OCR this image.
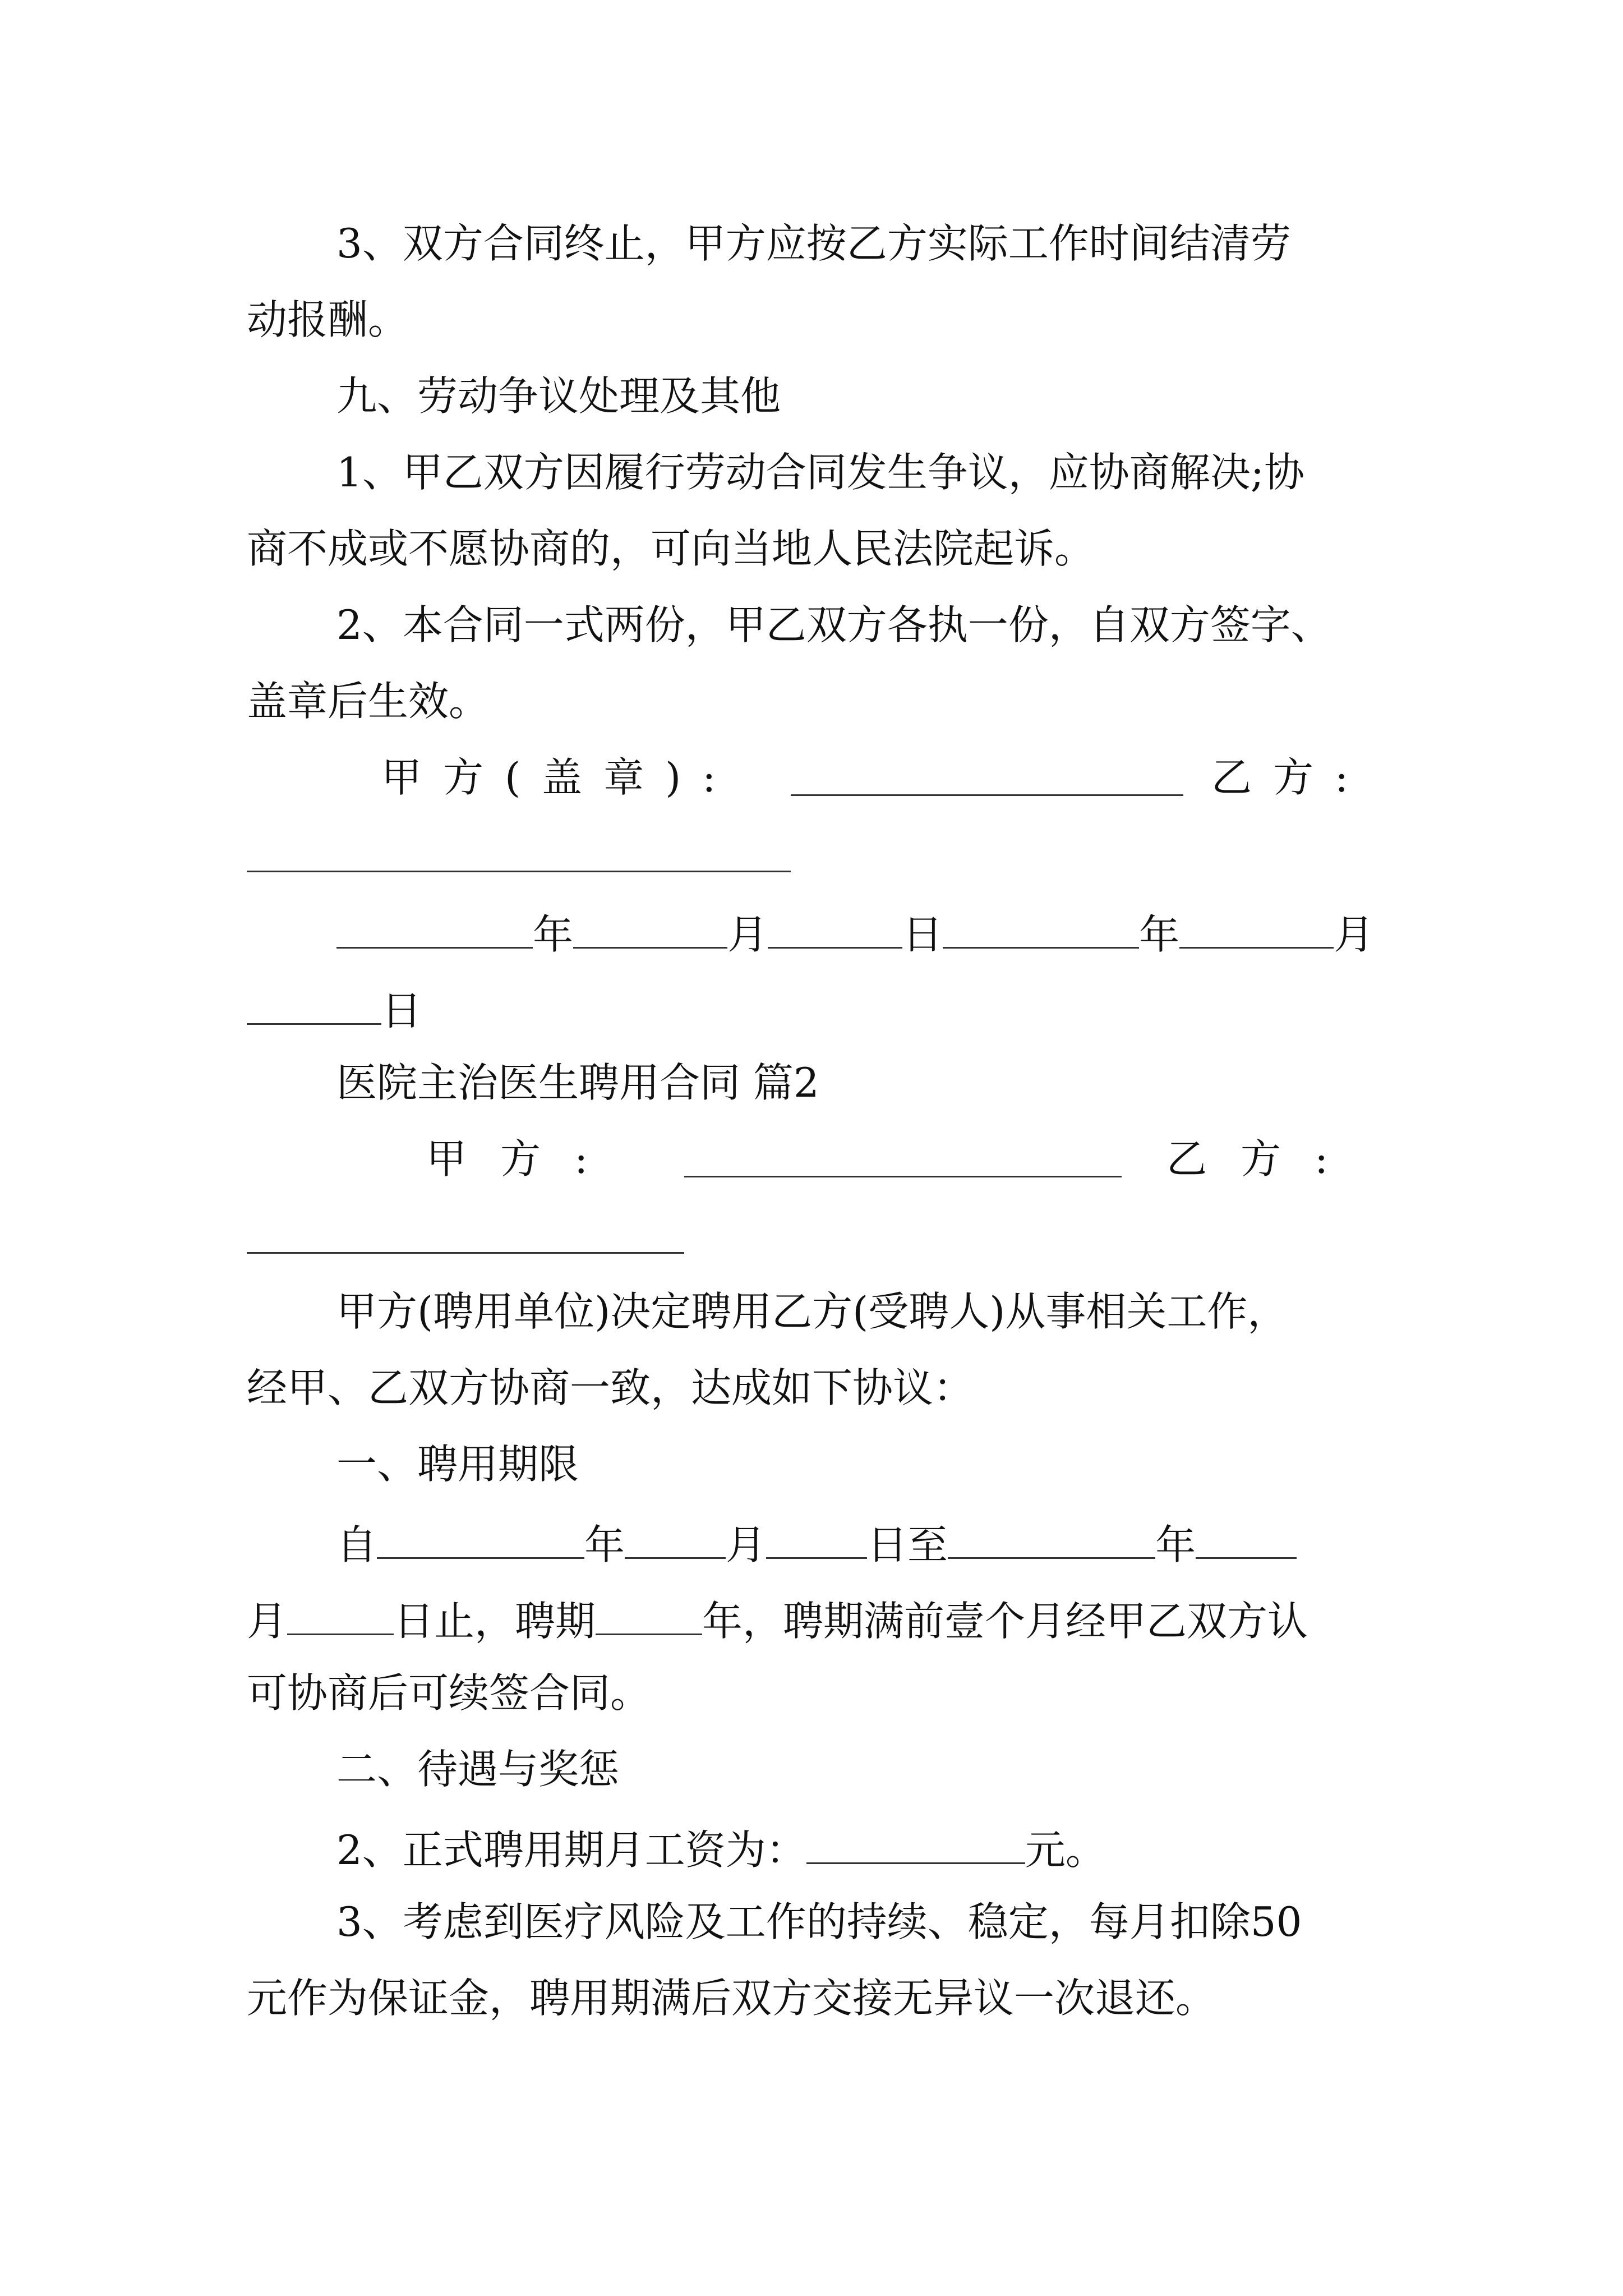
3、双方合同终止，甲方应按乙方实际工作时间结清劳
动报酬。
九、劳动争议处理及其他
1、甲乙双方因履行劳动合同发生争议，应协商解决;协
商不成或不愿协商的，可向当地人民法院起诉。
2、本合同一式两份，甲乙双方各执一份，自双方签字、
盖章后生效。
甲方(盖章):	乙方:
年	月	日	年	月
日
医院主治医生聘用合同 篇2
甲方:	乙方:
甲方(聘用单位)决定聘用乙方(受聘人)从事相关工作，
经甲、乙双方协商一致，达成如下协议：
一、聘用期限
自	年	月	日至	年
月	日止，聘期	年，聘期满前壹个月经甲乙双方认
可协商后可续签合同。
二、待遇与奖惩
2、正式聘用期月工资为：	元。
3、考虑到医疗风险及工作的持续、稳定，每月扣除50
元作为保证金，聘用期满后双方交接无异议一次退还。
